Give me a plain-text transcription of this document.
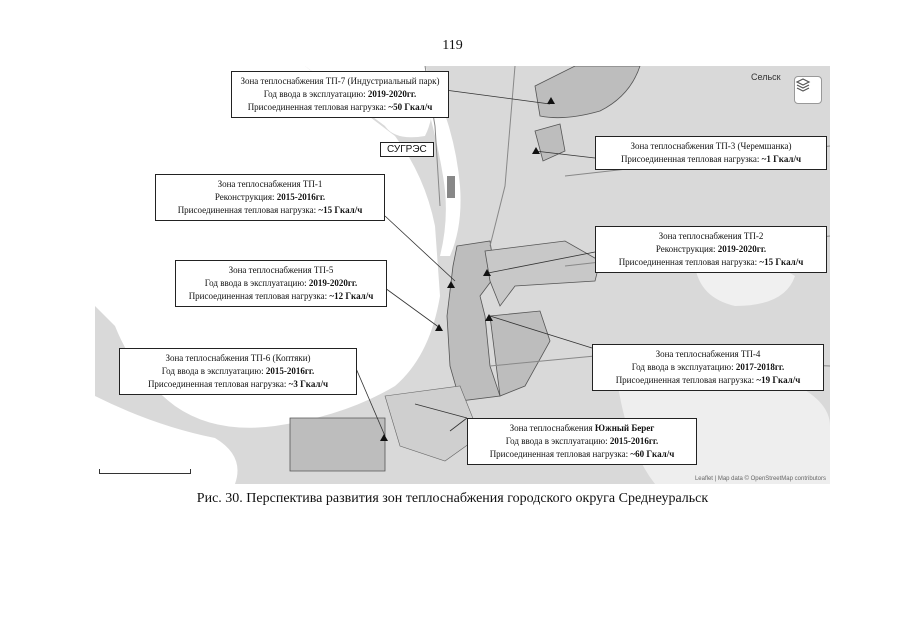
119
СУГРЭС
Зона теплоснабжения ТП-7 (Индустриальный парк)
Год ввода в эксплуатацию: 2019-2020гг.
Присоединенная тепловая нагрузка: ~50 Гкал/ч
Зона теплоснабжения ТП-3 (Черемшанка)
Присоединенная тепловая нагрузка: ~1 Гкал/ч
Зона теплоснабжения ТП-1
Реконструкция: 2015-2016гг.
Присоединенная тепловая нагрузка: ~15 Гкал/ч
Зона теплоснабжения ТП-2
Реконструкция: 2019-2020гг.
Присоединенная тепловая нагрузка: ~15 Гкал/ч
Зона теплоснабжения ТП-5
Год ввода в эксплуатацию: 2019-2020гг.
Присоединенная тепловая нагрузка: ~12 Гкал/ч
Зона теплоснабжения ТП-6 (Коптяки)
Год ввода в эксплуатацию: 2015-2016гг.
Присоединенная тепловая нагрузка: ~3 Гкал/ч
Зона теплоснабжения ТП-4
Год ввода в эксплуатацию: 2017-2018гг.
Присоединенная тепловая нагрузка: ~19 Гкал/ч
Зона теплоснабжения Южный Берег
Год ввода в эксплуатацию: 2015-2016гг.
Присоединенная тепловая нагрузка: ~60 Гкал/ч
Сельск
Leaflet | Map data © OpenStreetMap contributors
Рис. 30. Перспектива развития зон теплоснабжения городского округа Среднеуральск
